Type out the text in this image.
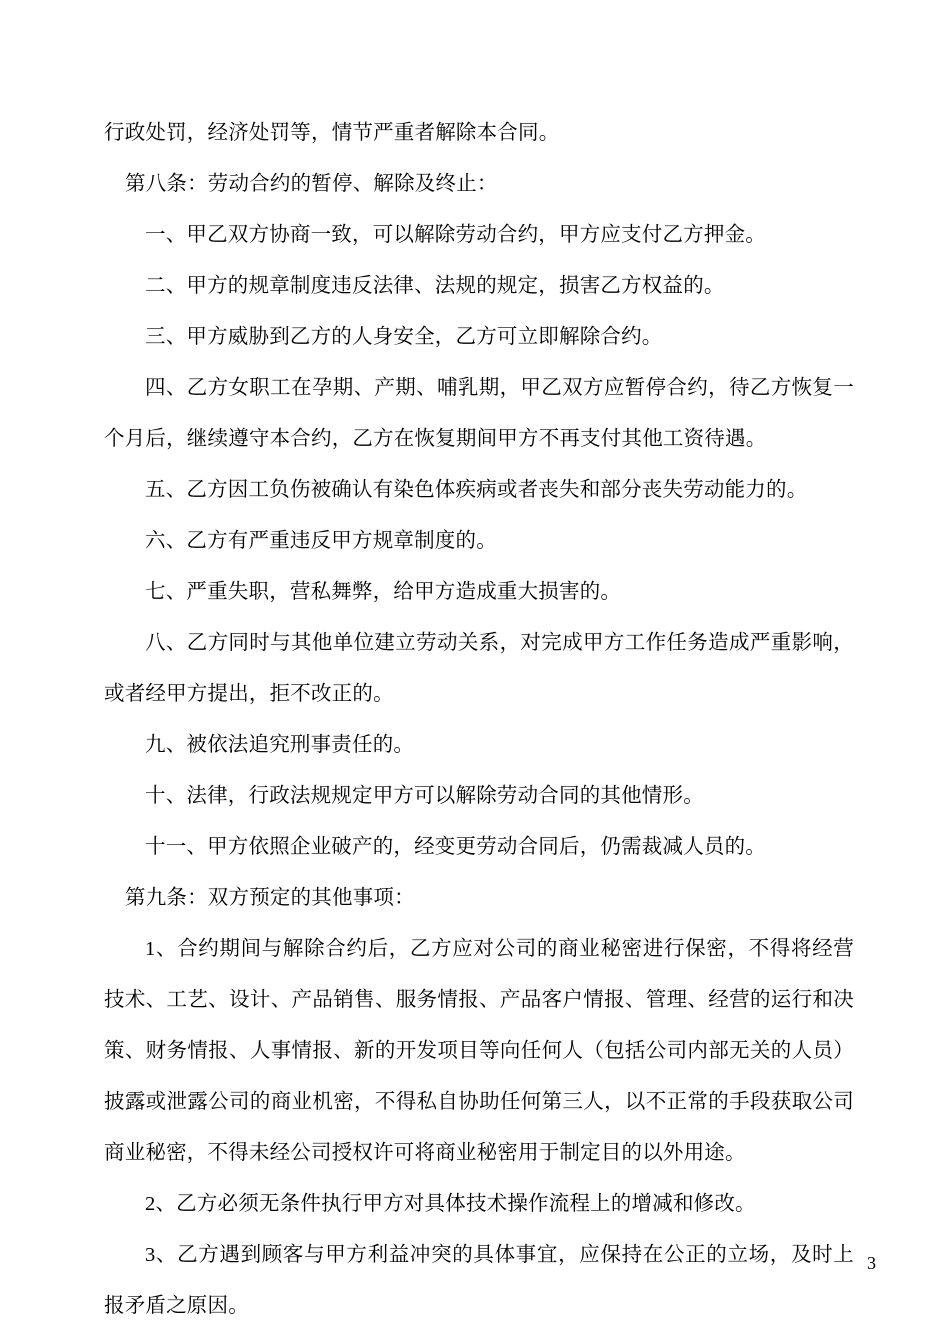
行政处罚，经济处罚等，情节严重者解除本合同。

第八条：劳动合约的暂停、解除及终止：

一、甲乙双方协商一致，可以解除劳动合约，甲方应支付乙方押金。

二、甲方的规章制度违反法律、法规的规定，损害乙方权益的。

三、甲方威胁到乙方的人身安全，乙方可立即解除合约。

四、乙方女职工在孕期、产期、哺乳期，甲乙双方应暂停合约，待乙方恢复一个月后，继续遵守本合约，乙方在恢复期间甲方不再支付其他工资待遇。

五、乙方因工负伤被确认有染色体疾病或者丧失和部分丧失劳动能力的。

六、乙方有严重违反甲方规章制度的。

七、严重失职，营私舞弊，给甲方造成重大损害的。

八、乙方同时与其他单位建立劳动关系，对完成甲方工作任务造成严重影响，或者经甲方提出，拒不改正的。

九、被依法追究刑事责任的。

十、法律，行政法规规定甲方可以解除劳动合同的其他情形。

十一、甲方依照企业破产的，经变更劳动合同后，仍需裁减人员的。

第九条：双方预定的其他事项：

1、合约期间与解除合约后，乙方应对公司的商业秘密进行保密，不得将经营技术、工艺、设计、产品销售、服务情报、产品客户情报、管理、经营的运行和决策、财务情报、人事情报、新的开发项目等向任何人（包括公司内部无关的人员）披露或泄露公司的商业机密，不得私自协助任何第三人，以不正常的手段获取公司商业秘密，不得未经公司授权许可将商业秘密用于制定目的以外用途。

2、乙方必须无条件执行甲方对具体技术操作流程上的增减和修改。

3、乙方遇到顾客与甲方利益冲突的具体事宜，应保持在公正的立场，及时上报矛盾之原因。

3
